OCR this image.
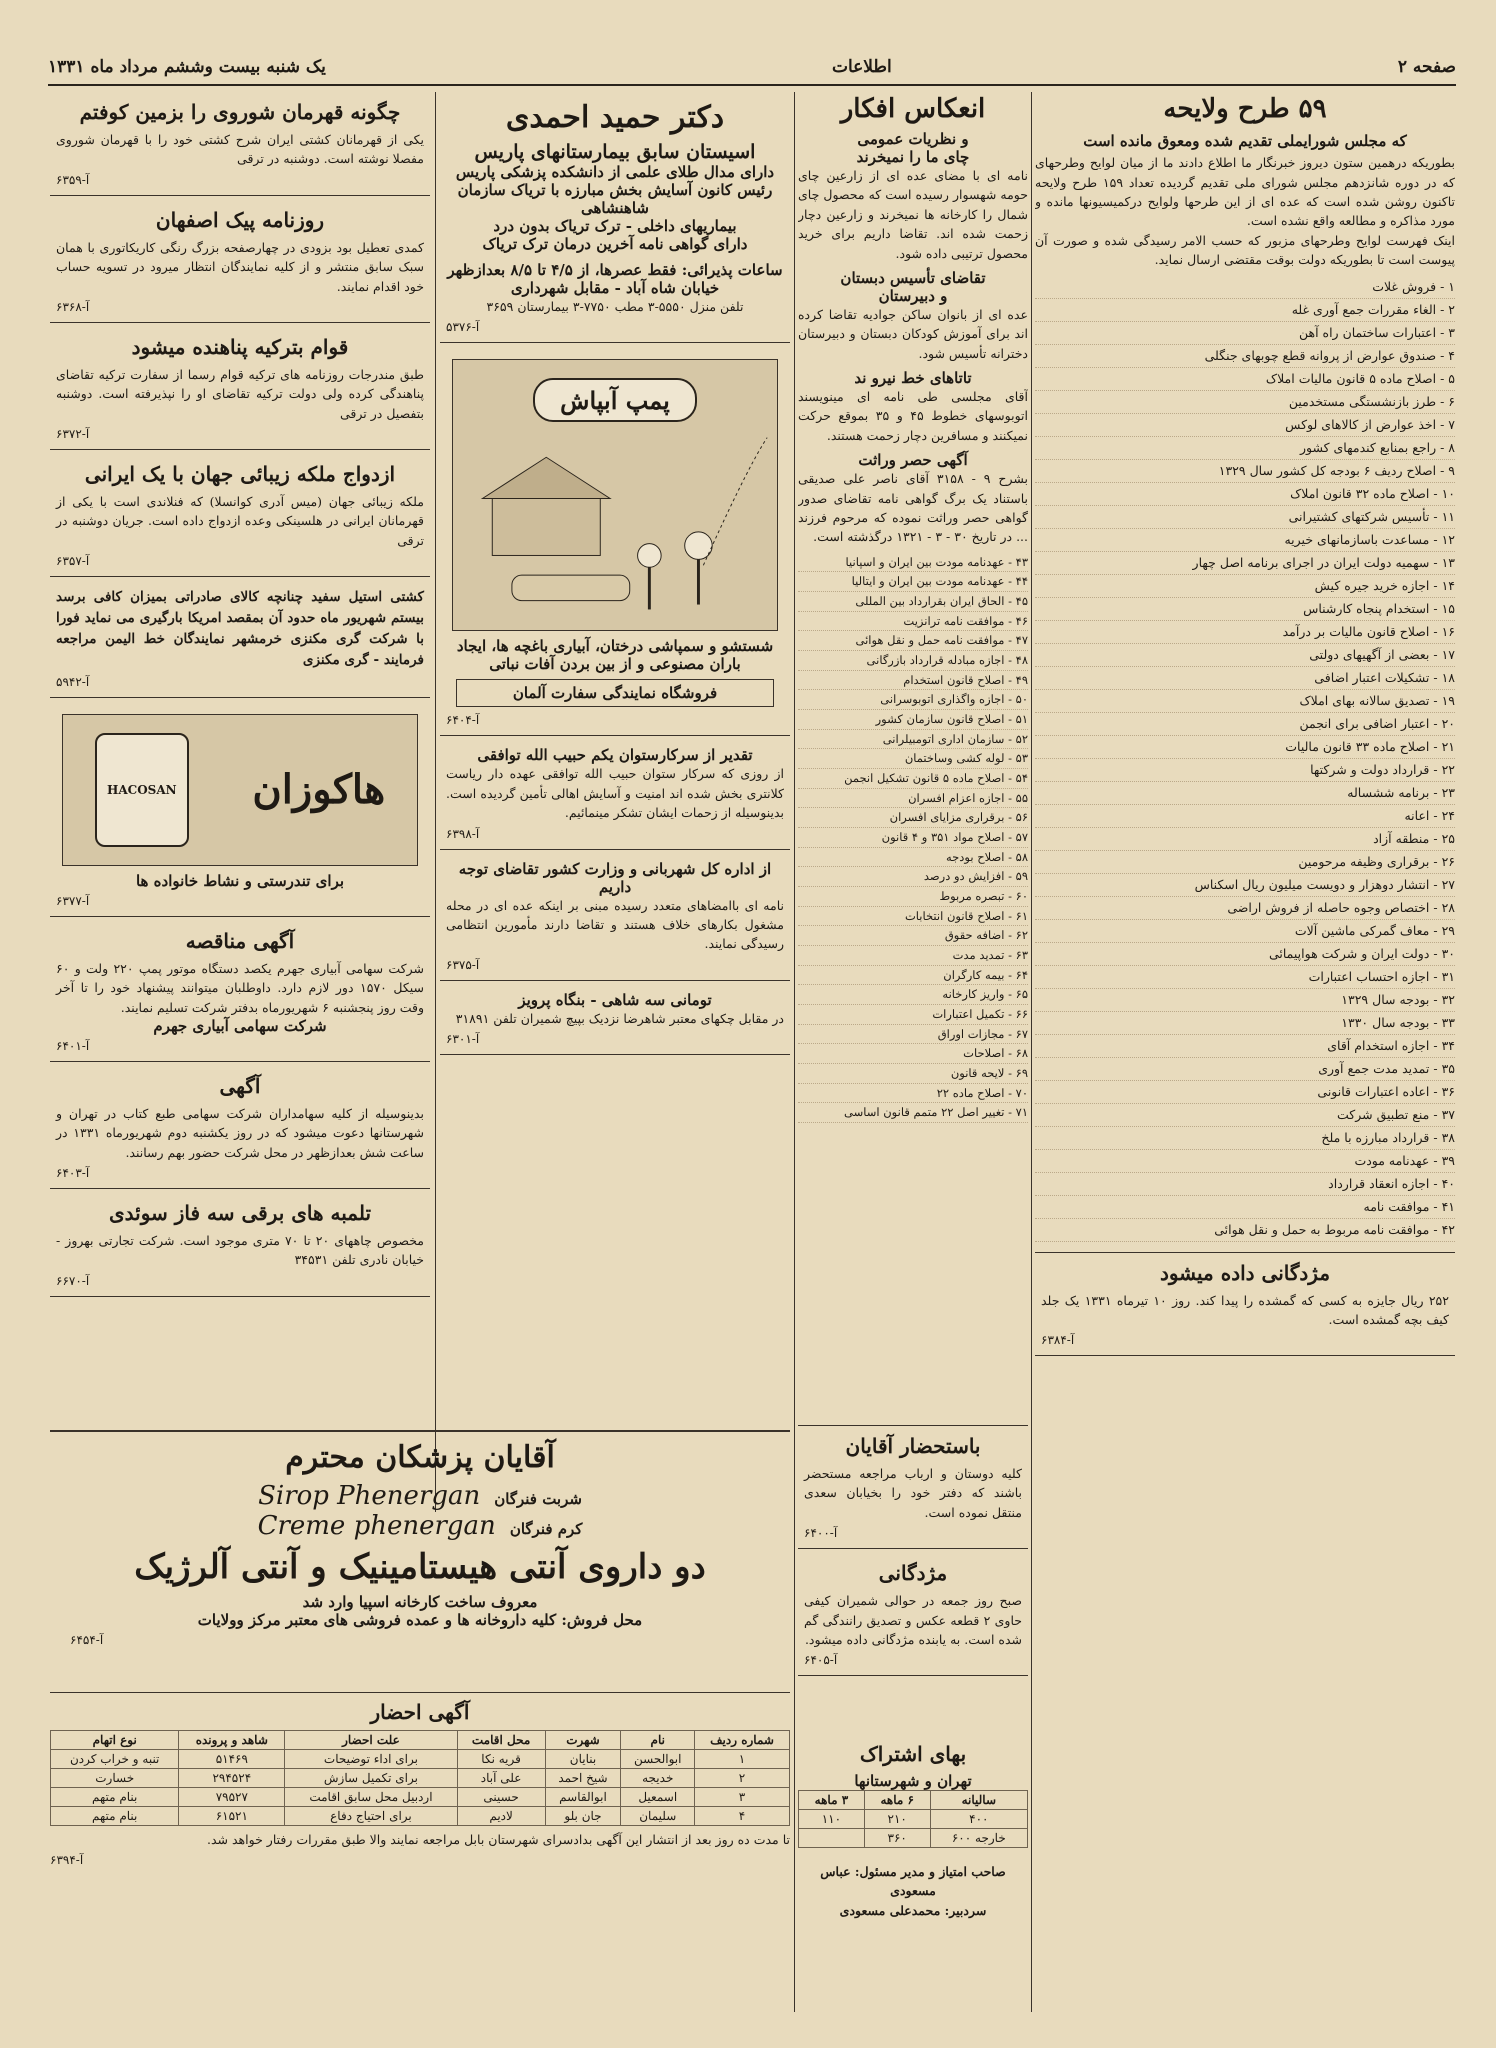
صفحه ۲
اطلاعات
یک شنبه بیست وششم مرداد ماه ۱۳۳۱
۵۹ طرح ولایحه
که مجلس شورایملی تقدیم شده ومعوق مانده است
بطوریکه درهمین ستون دیروز خبرنگار ما اطلاع دادند ما از میان لوایح وطرحهای که در دوره شانزدهم مجلس شورای ملی تقدیم گردیده تعداد ۱۵۹ طرح ولایحه تاکنون روشن شده است که عده ای از این طرحها ولوایح درکمیسیونها مانده و مورد مذاکره و مطالعه واقع نشده است.
اینک فهرست لوایح وطرحهای مزبور که حسب الامر رسیدگی شده و صورت آن پیوست است تا بطوریکه دولت بوقت مقتضی ارسال نماید.
۱ - فروش غلات
۲ - الغاء مقررات جمع آوری غله
۳ - اعتبارات ساختمان راه آهن
۴ - صندوق عوارض از پروانه قطع چوبهای جنگلی
۵ - اصلاح ماده ۵ قانون مالیات املاک
۶ - طرز بازنشستگی مستخدمین
۷ - اخذ عوارض از کالاهای لوکس
۸ - راجع بمنابع کندمهای کشور
۹ - اصلاح ردیف ۶ بودجه کل کشور سال ۱۳۲۹
۱۰ - اصلاح ماده ۳۲ قانون املاک
۱۱ - تأسیس شرکتهای کشتیرانی
۱۲ - مساعدت باسازمانهای خیریه
۱۳ - سهمیه دولت ایران در اجرای برنامه اصل چهار
۱۴ - اجازه خرید جیره کیش
۱۵ - استخدام پنجاه کارشناس
۱۶ - اصلاح قانون مالیات بر درآمد
۱۷ - بعضی از آگهیهای دولتی
۱۸ - تشکیلات اعتبار اضافی
۱۹ - تصدیق سالانه بهای املاک
۲۰ - اعتبار اضافی برای انجمن
۲۱ - اصلاح ماده ۳۳ قانون مالیات
۲۲ - قرارداد دولت و شرکتها
۲۳ - برنامه ششساله
۲۴ - اعانه
۲۵ - منطقه آزاد
۲۶ - برقراری وظیفه مرحومین
۲۷ - انتشار دوهزار و دویست میلیون ریال اسکناس
۲۸ - اختصاص وجوه حاصله از فروش اراضی
۲۹ - معاف گمرکی ماشین آلات
۳۰ - دولت ایران و شرکت هواپیمائی
۳۱ - اجازه احتساب اعتبارات
۳۲ - بودجه سال ۱۳۲۹
۳۳ - بودجه سال ۱۳۳۰
۳۴ - اجازه استخدام آقای
۳۵ - تمدید مدت جمع آوری
۳۶ - اعاده اعتبارات قانونی
۳۷ - منع تطبیق شرکت
۳۸ - قرارداد مبارزه با ملخ
۳۹ - عهدنامه مودت
۴۰ - اجازه انعقاد قرارداد
۴۱ - موافقت نامه
۴۲ - موافقت نامه مربوط به حمل و نقل هوائی
مژدگانی داده میشود
۲۵۲ ریال جایزه به کسی که گمشده را پیدا کند. روز ۱۰ تیرماه ۱۳۳۱ یک جلد کیف بچه گمشده است.
آ-۶۳۸۴
انعکاس افکار
و نظریات عمومی
چای ما را نمیخرند
نامه ای با مضای عده ای از زارعین چای حومه شهسوار رسیده است که محصول چای شمال را کارخانه ها نمیخرند و زارعین دچار زحمت شده اند. تقاضا داریم برای خرید محصول ترتیبی داده شود.
تقاضای تأسیس دبستان
و دبیرستان
عده ای از بانوان ساکن جواديه تقاضا کرده اند برای آموزش کودکان دبستان و دبیرستان دخترانه تأسیس شود.
تاتاهای خط نیرو ند
آقای مجلسی طی نامه ای مینویسند اتوبوسهای خطوط ۴۵ و ۳۵ بموقع حرکت نمیکنند و مسافرین دچار زحمت هستند.
آگهی حصر وراثت
بشرح ۹ - ۳۱۵۸ آقای ناصر علی صدیقی باستناد یک برگ گواهی نامه تقاضای صدور گواهی حصر وراثت نموده که مرحوم فرزند ... در تاریخ ۳۰ - ۳ - ۱۳۲۱ درگذشته است.
۴۳ - عهدنامه مودت بین ایران و اسپانیا
۴۴ - عهدنامه مودت بین ایران و ایتالیا
۴۵ - الحاق ایران بقرارداد بین المللی
۴۶ - موافقت نامه ترانزیت
۴۷ - موافقت نامه حمل و نقل هوائی
۴۸ - اجازه مبادله قرارداد بازرگانی
۴۹ - اصلاح قانون استخدام
۵۰ - اجازه واگذاری اتوبوسرانی
۵۱ - اصلاح قانون سازمان کشور
۵۲ - سازمان اداری اتومبیلرانی
۵۳ - لوله کشی وساختمان
۵۴ - اصلاح ماده ۵ قانون تشکیل انجمن
۵۵ - اجازه اعزام افسران
۵۶ - برقراری مزایای افسران
۵۷ - اصلاح مواد ۳۵۱ و ۴ قانون
۵۸ - اصلاح بودجه
۵۹ - افزایش دو درصد
۶۰ - تبصره مربوط
۶۱ - اصلاح قانون انتخابات
۶۲ - اضافه حقوق
۶۳ - تمدید مدت
۶۴ - بیمه کارگران
۶۵ - واریز کارخانه
۶۶ - تکمیل اعتبارات
۶۷ - مجازات اوراق
۶۸ - اصلاحات
۶۹ - لایحه قانون
۷۰ - اصلاح ماده ۲۲
۷۱ - تغییر اصل ۲۲ متمم قانون اساسی
باستحضار آقایان
کلیه دوستان و ارباب مراجعه مستحضر باشند که دفتر خود را بخیابان سعدی منتقل نموده است.
آ-۶۴۰۰
مژدگانی
صبح روز جمعه در حوالی شمیران کیفی حاوی ۲ قطعه عکس و تصدیق رانندگی گم شده است. به یابنده مژدگانی داده میشود.
آ-۶۴۰۵
بهای اشتراک
تهران و شهرستانها
سالیانه	۶ ماهه	۳ ماهه
۴۰۰	۲۱۰	۱۱۰
خارجه ۶۰۰	۳۶۰	
صاحب امتیاز و مدیر مسئول: عباس مسعودی
سردبیر: محمدعلی مسعودی
دکتر حمید احمدی
اسیستان سابق بیمارستانهای پاریس
دارای مدال طلای علمی از دانشکده پزشکی پاریس
رئیس کانون آسایش بخش مبارزه با تریاک سازمان شاهنشاهی
بیماریهای داخلی - ترک تریاک بدون درد
دارای گواهی نامه آخرین درمان ترک تریاک
ساعات پذیرائی: فقط عصرها، از ۴/۵ تا ۸/۵ بعدازظهر
خیابان شاه آباد - مقابل شهرداری
تلفن منزل ۵۵۵۰-۳ مطب ۷۷۵۰-۳ بیمارستان ۳۶۵۹
آ-۵۳۷۶
پمپ آبپاش
شستشو و سمپاشی درختان، آبیاری باغچه ها، ایجاد باران مصنوعی و از بین بردن آفات نباتی
فروشگاه نمایندگی سفارت آلمان
آ-۶۴۰۴
تقدیر از سرکارستوان یکم حبیب الله توافقی
از روزی که سرکار ستوان حبیب الله توافقی عهده دار ریاست کلانتری بخش شده اند امنیت و آسایش اهالی تأمین گردیده است. بدینوسیله از زحمات ایشان تشکر مینمائیم.
آ-۶۳۹۸
از اداره کل شهربانی و وزارت کشور تقاضای توجه داریم
نامه ای باامضاهای متعدد رسیده مبنی بر اینکه عده ای در محله مشغول بکارهای خلاف هستند و تقاضا دارند مأمورین انتظامی رسیدگی نمایند.
آ-۶۳۷۵
تومانی سه شاهی - بنگاه پرویز
در مقابل چکهای معتبر شاهرضا نزدیک بپیچ شمیران تلفن ۳۱۸۹۱
آ-۶۳۰۱
چگونه قهرمان شوروی را بزمین کوفتم
یکی از قهرمانان کشتی ایران شرح کشتی خود را با قهرمان شوروی مفصلا نوشته است. دوشنبه در ترقی
آ-۶۳۵۹
روزنامه پیک اصفهان
کمدی تعطیل بود بزودی در چهارصفحه بزرگ رنگی کاریکاتوری با همان سبک سابق منتشر و از کلیه نمایندگان انتظار میرود در تسویه حساب خود اقدام نمایند.
آ-۶۳۶۸
قوام بترکیه پناهنده میشود
طبق مندرجات روزنامه های ترکیه قوام رسما از سفارت ترکیه تقاضای پناهندگی کرده ولی دولت ترکیه تقاضای او را نپذیرفته است. دوشنبه بتفصیل در ترقی
آ-۶۳۷۲
ازدواج ملکه زیبائی جهان با یک ایرانی
ملکه زیبائی جهان (میس آدری کوانسلا) که فنلاندی است با یکی از قهرمانان ایرانی در هلسینکی وعده ازدواج داده است. جریان دوشنبه در ترقی
آ-۶۳۵۷
کشتی استیل سفید چنانچه کالای صادراتی بمیزان کافی برسد بیستم شهریور ماه حدود آن بمقصد امریکا بارگیری می نماید فورا با شرکت گری مکنزی خرمشهر نمایندگان خط الیمن مراجعه فرمایند - گری مکنزی
آ-۵۹۴۲
هاکوزان
HACOSAN
برای تندرستی و نشاط خانواده ها
آ-۶۳۷۷
آگهی مناقصه
شرکت سهامی آبیاری جهرم یکصد دستگاه موتور پمپ ۲۲۰ ولت و ۶۰ سیکل ۱۵۷۰ دور لازم دارد. داوطلبان میتوانند پیشنهاد خود را تا آخر وقت روز پنجشنبه ۶ شهریورماه بدفتر شرکت تسلیم نمایند.
شرکت سهامی آبیاری جهرم
آ-۶۴۰۱
آگهی
بدینوسیله از کلیه سهامداران شرکت سهامی طبع کتاب در تهران و شهرستانها دعوت میشود که در روز یکشنبه دوم شهریورماه ۱۳۳۱ در ساعت شش بعدازظهر در محل شرکت حضور بهم رسانند.
آ-۶۴۰۳
تلمبه های برقی سه فاز سوئدی
مخصوص چاههای ۲۰ تا ۷۰ متری موجود است. شرکت تجارتی بهروز - خیابان نادری تلفن ۳۴۵۳۱
آ-۶۶۷۰
آقایان پزشکان محترم
شربت فنرگان
Sirop Phenergan
کرم فنرگان
Creme phenergan
دو داروی آنتی هیستامینیک و آنتی آلرژیک
معروف ساخت کارخانه اسپیا وارد شد
محل فروش: کلیه داروخانه ها و عمده فروشی های معتبر مرکز وولایات
آ-۶۴۵۴
آگهی احضار
شماره ردیف	نام	شهرت	محل اقامت	علت احضار	شاهد و پرونده	نوع اتهام
۱	ابوالحسن	بنایان	قریه نکا	برای اداء توضیحات	۵۱۴۶۹	تنبه و خراب کردن
۲	خدیجه	شیخ احمد	علی آباد	برای تکمیل سازش	۲۹۴۵۲۴	خسارت
۳	اسمعیل	ابوالقاسم	حسینی	اردبیل محل سابق اقامت	۷۹۵۲۷	بنام متهم
۴	سلیمان	جان بلو	لادیم	برای احتیاج دفاع	۶۱۵۲۱	بنام متهم
تا مدت ده روز بعد از انتشار این آگهی بدادسرای شهرستان بابل مراجعه نمایند والا طبق مقررات رفتار خواهد شد.
آ-۶۳۹۴
